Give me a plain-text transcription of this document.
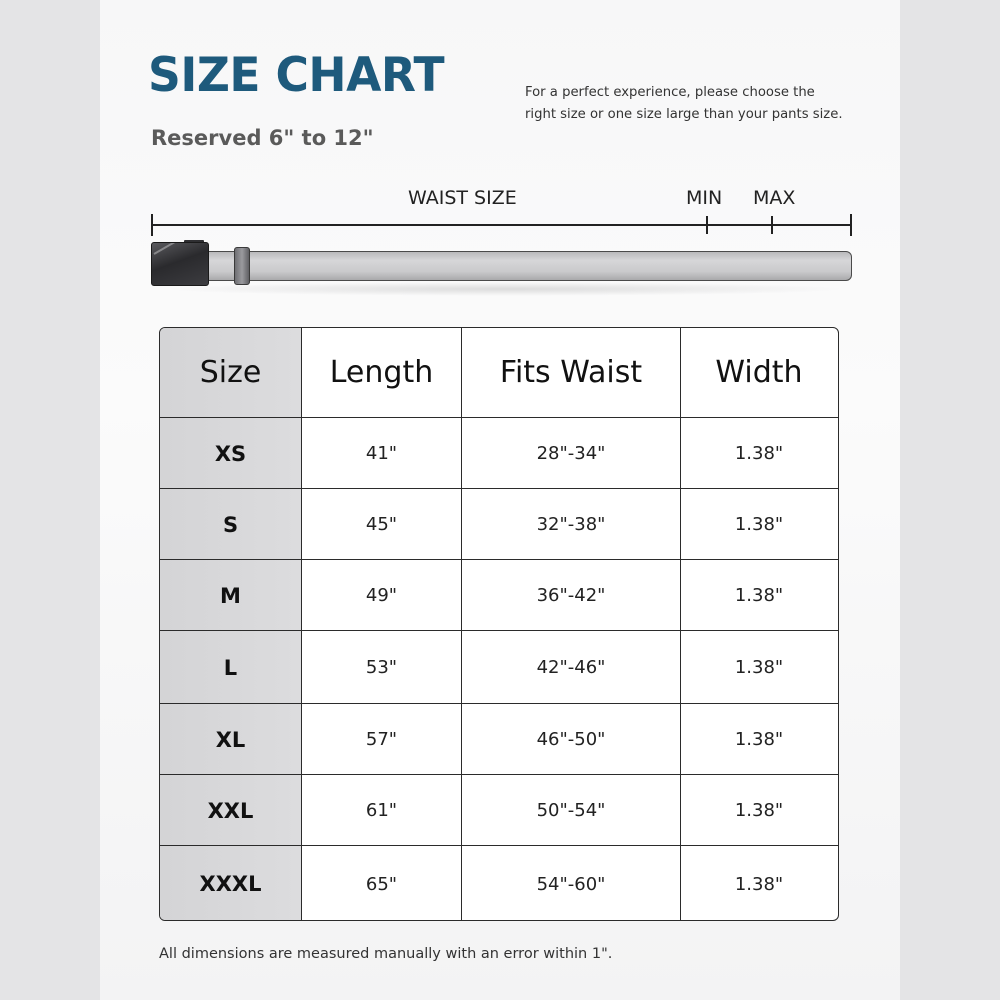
SIZE CHART
Reserved 6" to 12"
For a perfect experience, please choose the
right size or one size large than your pants size.
WAIST SIZE	MIN MAX
Size	Length	Fits Waist	Width
XS	41"	28"-34"	1.38"
S	45"	32"-38"	1.38"
M	49"	36"-42"	1.38"
L	53"	42"-46"	1.38"
XL	57"	46"-50"	1.38"
XXL	61"	50"-54"	1.38"
XXXL	65"	54"-60"	1.38"
All dimensions are measured manually with an error within 1".
